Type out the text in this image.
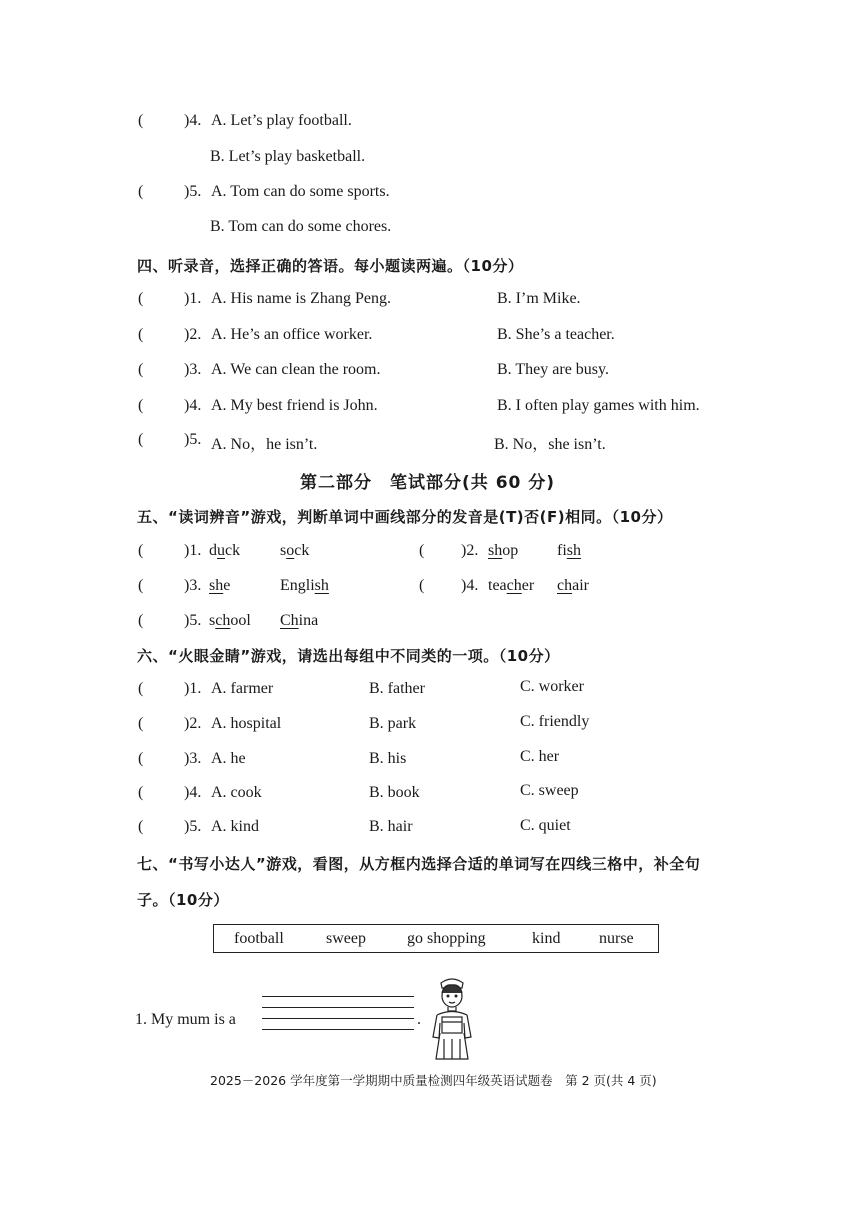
(	)4. A. Let’s play football.
B. Let’s play basketball.
(	)5. A. Tom can do some sports.
B. Tom can do some chores.
四、听录音，选择正确的答语。每小题读两遍。（10分）
(	)1. A. His name is Zhang Peng.	B. I’m Mike.
(	)2. A. He’s an office worker.	B. She’s a teacher.
(	)3. A. We can clean the room.	B. They are busy.
(	)4. A. My best friend is John.	B. I often play games with him.
(	)5. A. No，he isn’t.	B. No，she isn’t.
第二部分　笔试部分(共 60 分)
五、“读词辨音”游戏，判断单词中画线部分的发音是(T)否(F)相同。（10分）
(	)1. duck sock	( )2. shop fish
(	)3. she	English	( )4. teacher chair
(	)5. school China
六、“火眼金睛”游戏，请选出每组中不同类的一项。（10分）
(	)1. A. farmer	B. father	C. worker
(	)2. A. hospital	B. park	C. friendly
(	)3. A. he	B. his	C. her
(	)4. A. cook	B. book	C. sweep
(	)5. A. kind	B. hair	C. quiet
七、“书写小达人”游戏，看图，从方框内选择合适的单词写在四线三格中，补全句
子。（10分）
football	sweep	go shopping	kind nurse
1. My mum is a	.
2025－2026 学年度第一学期期中质量检测四年级英语试题卷　第 2 页(共 4 页)
